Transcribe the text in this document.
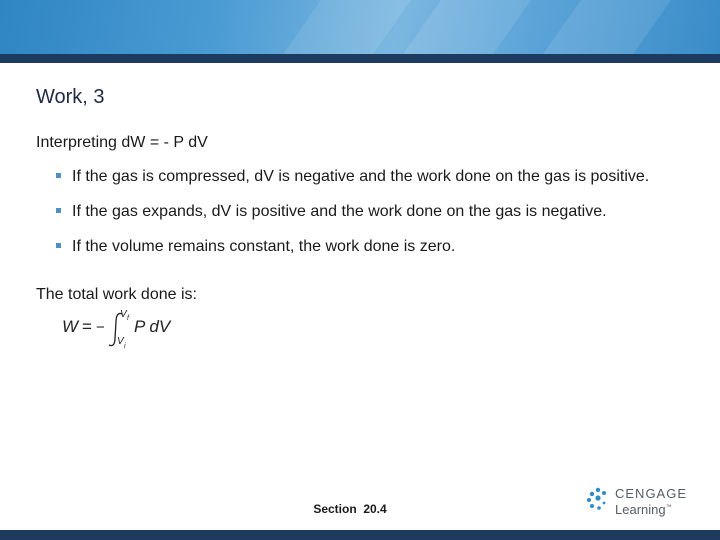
Work, 3

Interpreting dW = - P dV

If the gas is compressed, dV is negative and the work done on the gas is positive.
If the gas expands, dV is positive and the work done on the gas is negative.
If the volume remains constant, the work done is zero.

The total work done is:

W = −
V f
V i
P dV
Section 20.4
CENGAGE
Learning™
